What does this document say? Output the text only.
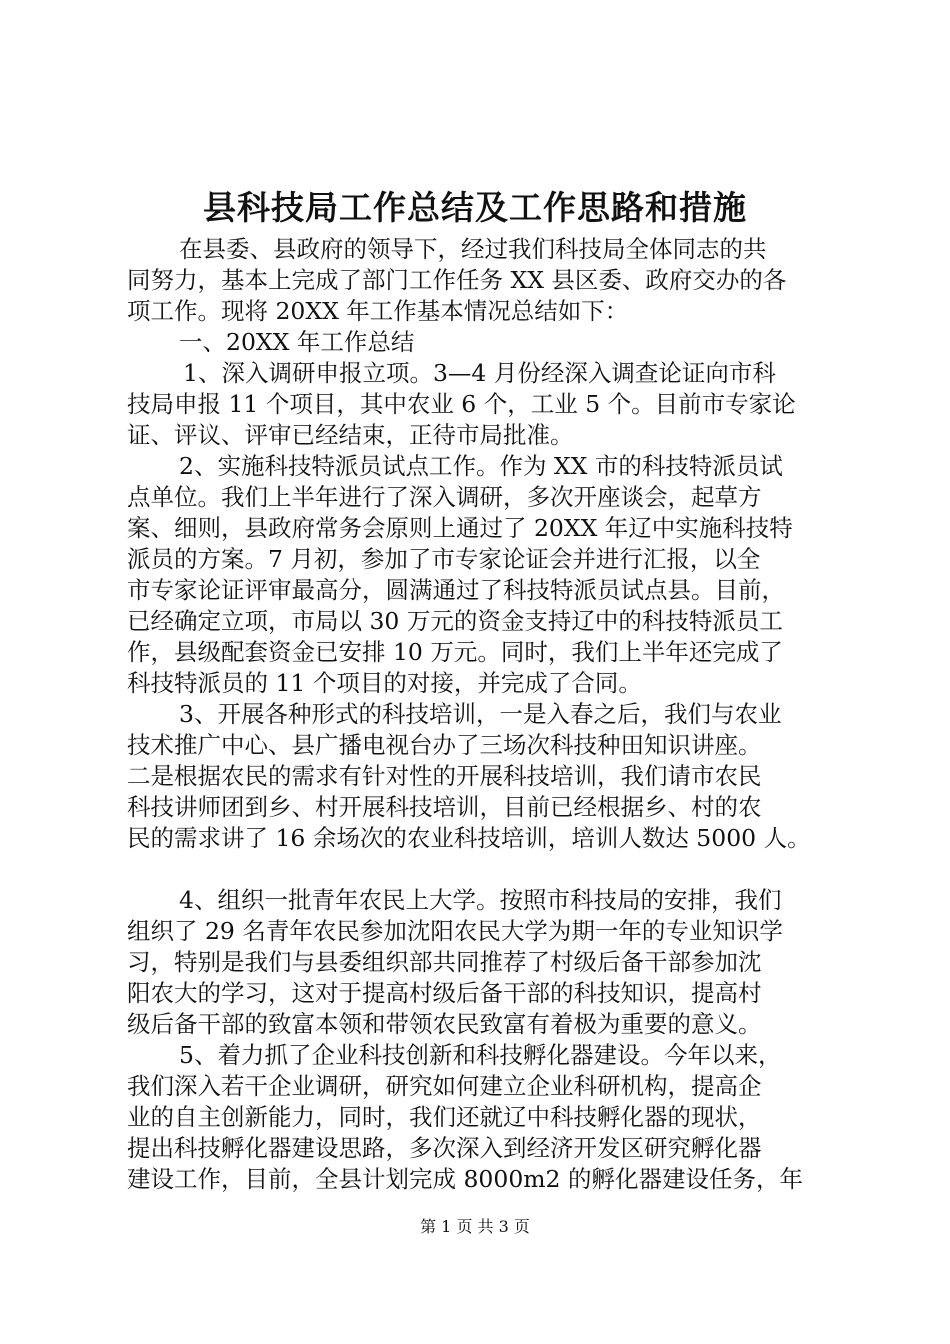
县科技局工作总结及工作思路和措施
在县委、县政府的领导下，经过我们科技局全体同志的共
同努力，基本上完成了部门工作任务 XX 县区委、政府交办的各
项工作。现将 20XX 年工作基本情况总结如下：
一、20XX 年工作总结
1、深入调研申报立项。3—4 月份经深入调查论证向市科
技局申报 11 个项目，其中农业 6 个，工业 5 个。目前市专家论
证、评议、评审已经结束，正待市局批准。
2、实施科技特派员试点工作。作为 XX 市的科技特派员试
点单位。我们上半年进行了深入调研，多次开座谈会，起草方
案、细则，县政府常务会原则上通过了 20XX 年辽中实施科技特
派员的方案。7 月初，参加了市专家论证会并进行汇报，以全
市专家论证评审最高分，圆满通过了科技特派员试点县。目前，
已经确定立项，市局以 30 万元的资金支持辽中的科技特派员工
作，县级配套资金已安排 10 万元。同时，我们上半年还完成了
科技特派员的 11 个项目的对接，并完成了合同。
3、开展各种形式的科技培训，一是入春之后，我们与农业
技术推广中心、县广播电视台办了三场次科技种田知识讲座。
二是根据农民的需求有针对性的开展科技培训，我们请市农民
科技讲师团到乡、村开展科技培训，目前已经根据乡、村的农
民的需求讲了 16 余场次的农业科技培训，培训人数达 5000 人。
4、组织一批青年农民上大学。按照市科技局的安排，我们
组织了 29 名青年农民参加沈阳农民大学为期一年的专业知识学
习，特别是我们与县委组织部共同推荐了村级后备干部参加沈
阳农大的学习，这对于提高村级后备干部的科技知识，提高村
级后备干部的致富本领和带领农民致富有着极为重要的意义。
5、着力抓了企业科技创新和科技孵化器建设。今年以来，
我们深入若干企业调研，研究如何建立企业科研机构，提高企
业的自主创新能力，同时，我们还就辽中科技孵化器的现状，
提出科技孵化器建设思路，多次深入到经济开发区研究孵化器
建设工作，目前，全县计划完成 8000m2 的孵化器建设任务，年
第 1 页 共 3 页
